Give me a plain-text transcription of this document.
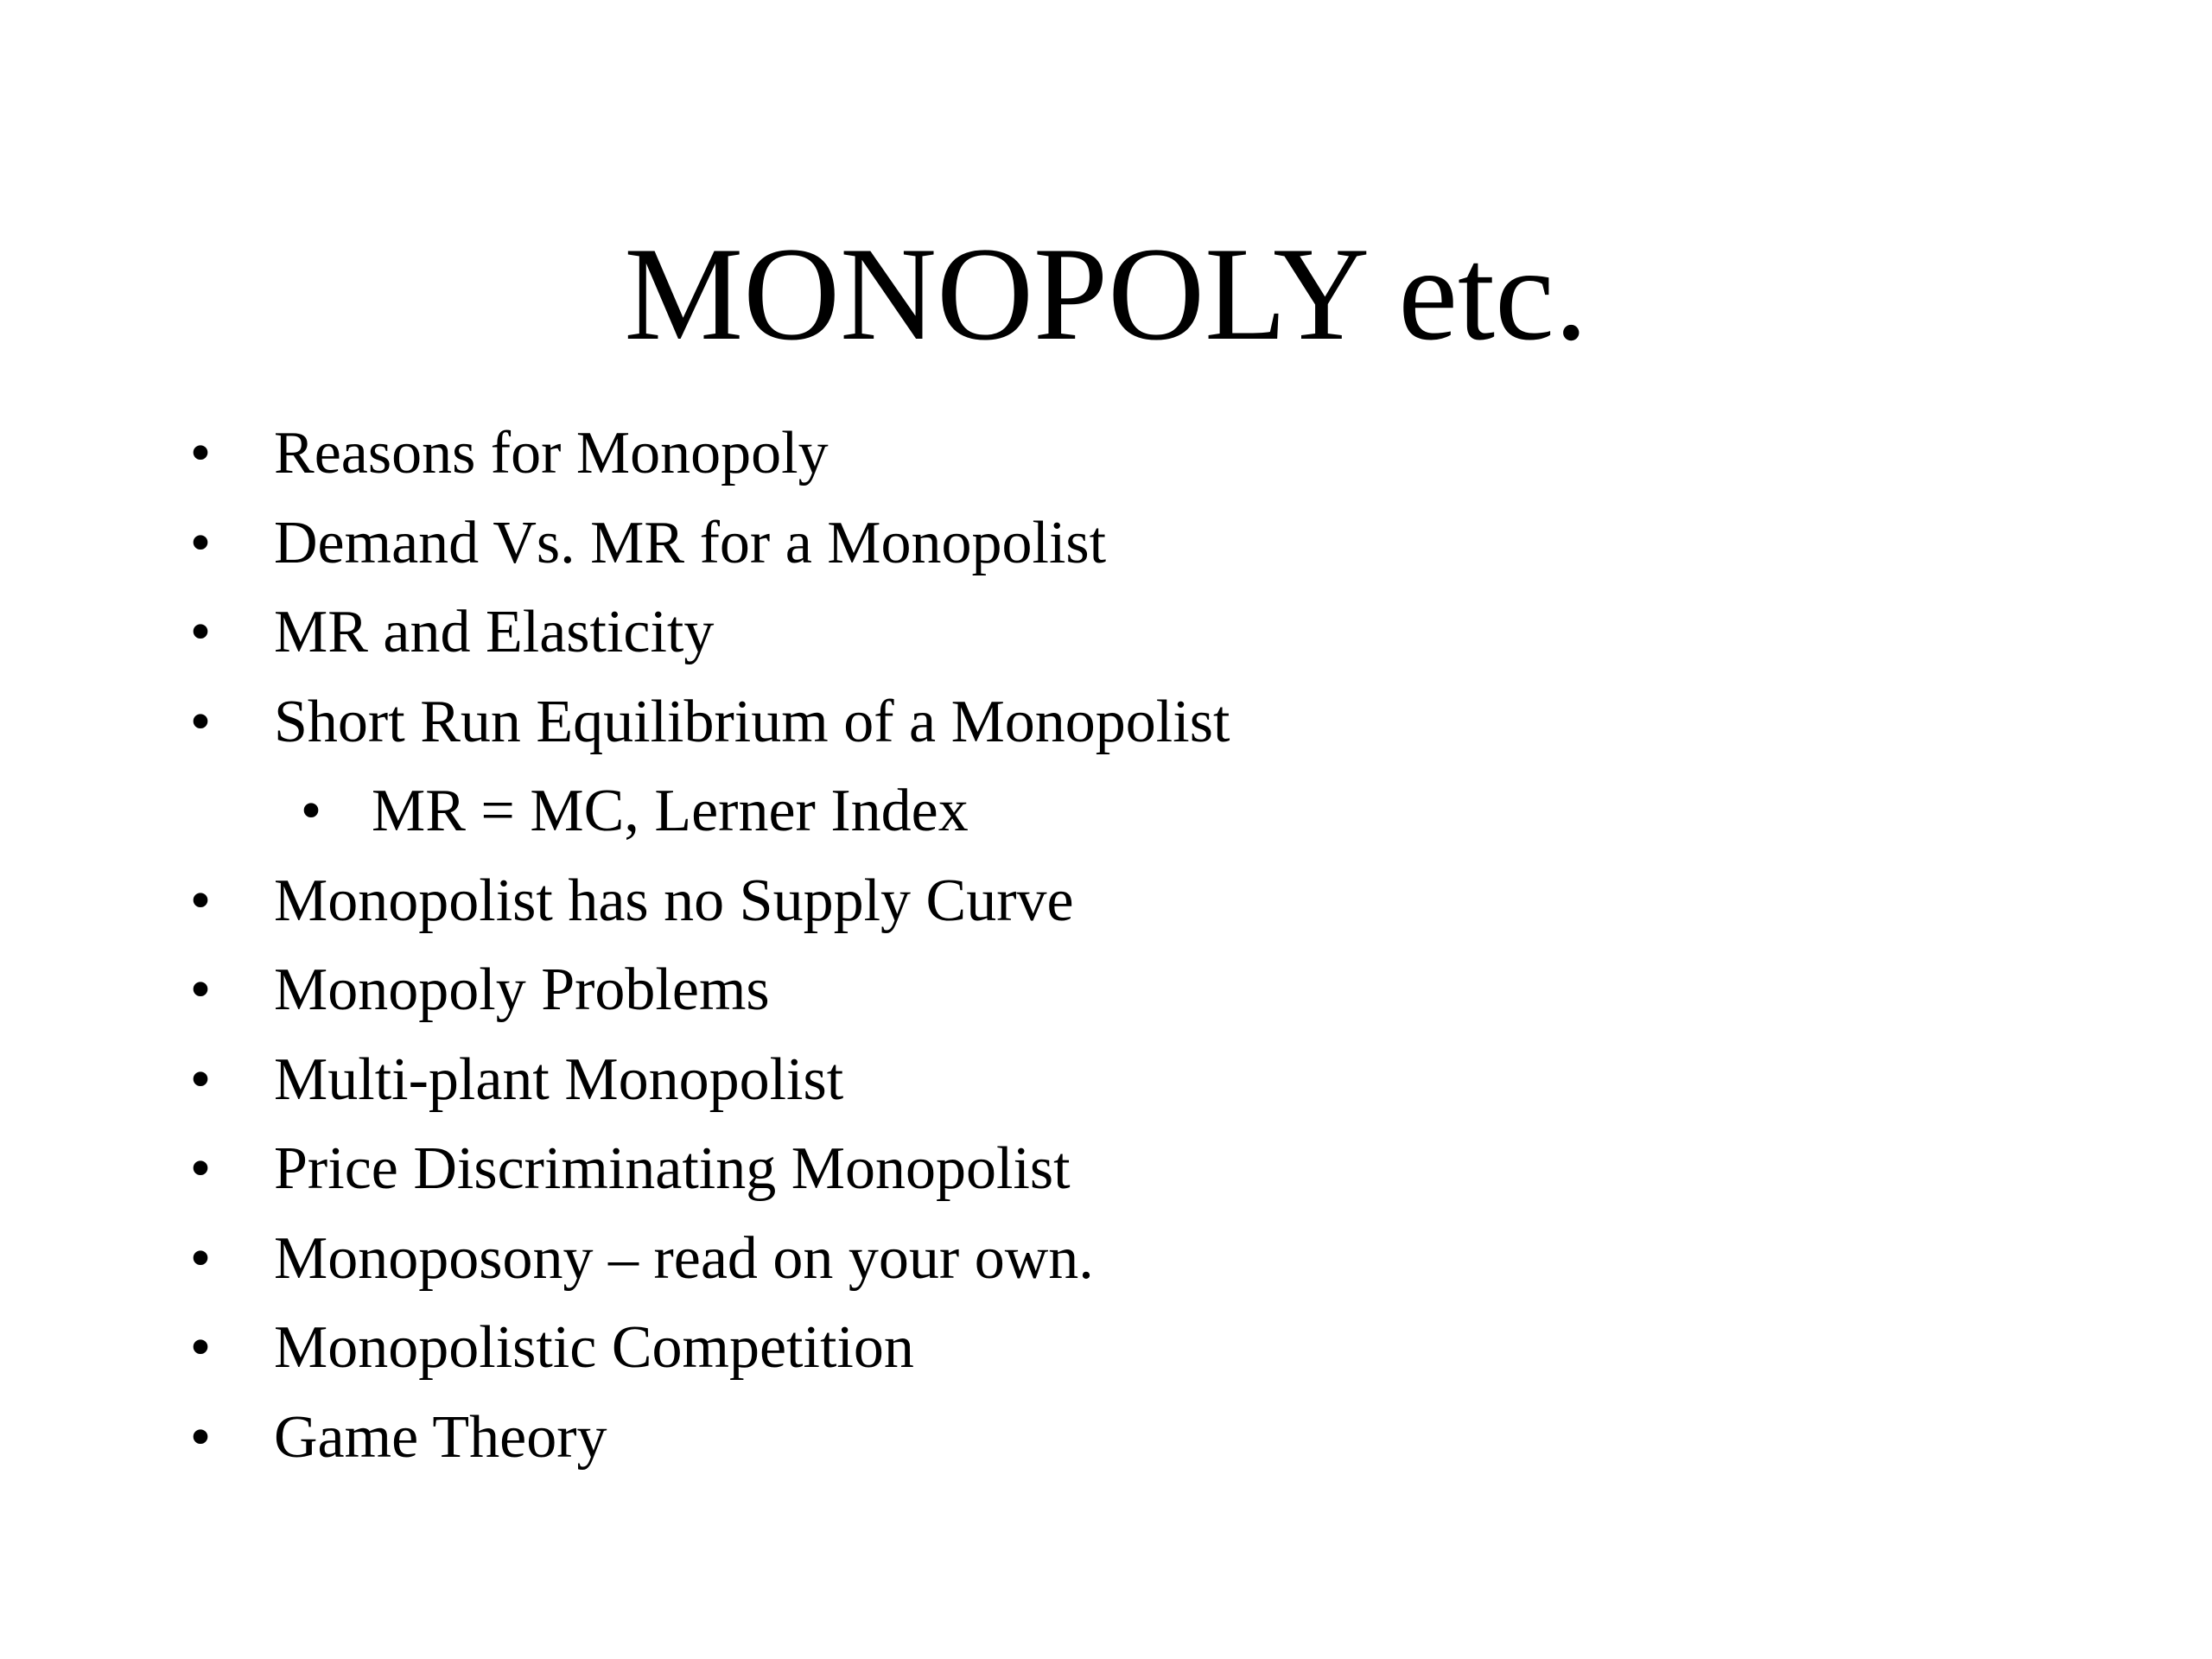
MONOPOLY etc.
• Reasons for Monopoly
• Demand Vs. MR for a Monopolist
• MR and Elasticity
• Short Run Equilibrium of a Monopolist
• MR = MC, Lerner Index
• Monopolist has no Supply Curve
• Monopoly Problems
• Multi-plant Monopolist
• Price Discriminating Monopolist
• Monoposony – read on your own.
• Monopolistic Competition
• Game Theory
